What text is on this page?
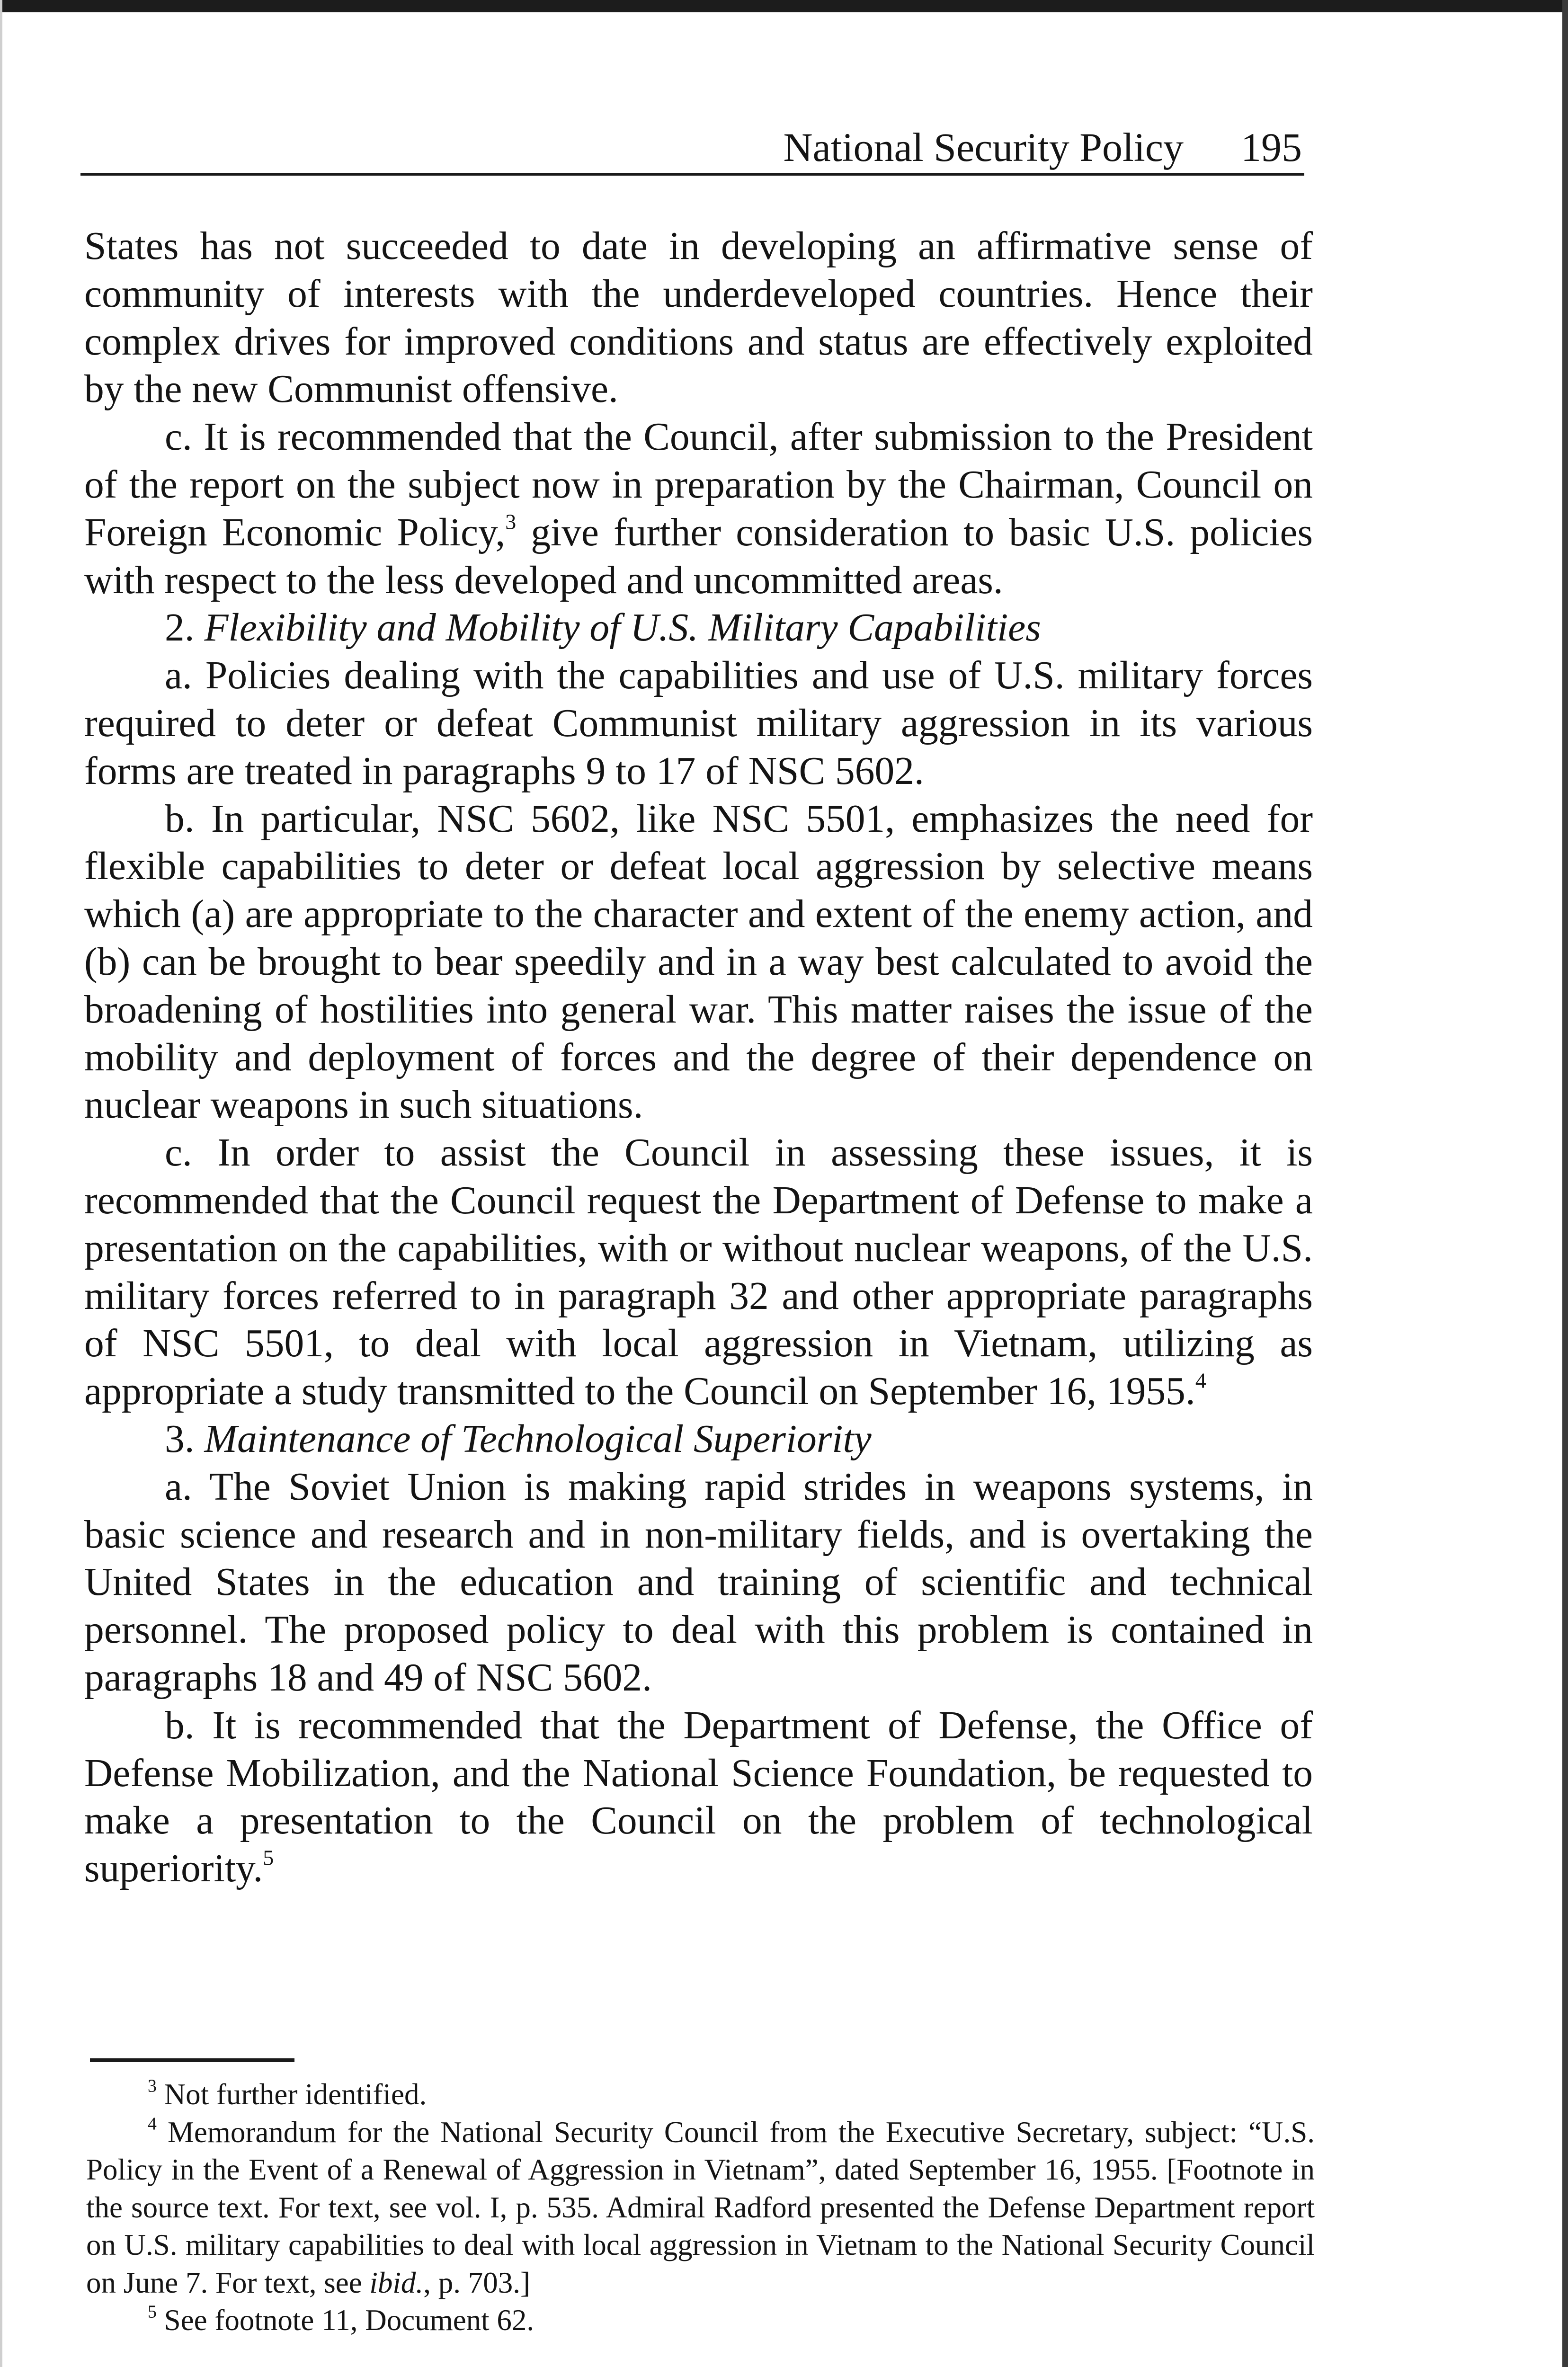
National Security Policy 195

States has not succeeded to date in developing an affirmative sense of community of interests with the underdeveloped countries. Hence their complex drives for improved conditions and status are effectively exploited by the new Communist offensive.

c. It is recommended that the Council, after submission to the President of the report on the subject now in preparation by the Chairman, Council on Foreign Economic Policy,$^3$ give further consideration to basic U.S. policies with respect to the less developed and uncommitted areas.

2. Flexibility and Mobility of U.S. Military Capabilities

a. Policies dealing with the capabilities and use of U.S. military forces required to deter or defeat Communist military aggression in its various forms are treated in paragraphs 9 to 17 of NSC 5602.

b. In particular, NSC 5602, like NSC 5501, emphasizes the need for flexible capabilities to deter or defeat local aggression by selective means which (a) are appropriate to the character and extent of the enemy action, and (b) can be brought to bear speedily and in a way best calculated to avoid the broadening of hostilities into general war. This matter raises the issue of the mobility and deployment of forces and the degree of their dependence on nuclear weapons in such situations.

c. In order to assist the Council in assessing these issues, it is recommended that the Council request the Department of Defense to make a presentation on the capabilities, with or without nuclear weapons, of the U.S. military forces referred to in paragraph 32 and other appropriate paragraphs of NSC 5501, to deal with local aggression in Vietnam, utilizing as appropriate a study transmitted to the Council on September 16, 1955.$^4$

3. Maintenance of Technological Superiority

a. The Soviet Union is making rapid strides in weapons systems, in basic science and research and in non-military fields, and is overtaking the United States in the education and training of scientific and technical personnel. The proposed policy to deal with this problem is contained in paragraphs 18 and 49 of NSC 5602.

b. It is recommended that the Department of Defense, the Office of Defense Mobilization, and the National Science Foundation, be requested to make a presentation to the Council on the problem of technological superiority.$^5$

$^3$ Not further identified.

$^4$ Memorandum for the National Security Council from the Executive Secretary, subject: “U.S. Policy in the Event of a Renewal of Aggression in Vietnam”, dated September 16, 1955. [Footnote in the source text. For text, see vol. I, p. 535. Admiral Radford presented the Defense Department report on U.S. military capabilities to deal with local aggression in Vietnam to the National Security Council on June 7. For text, see ibid., p. 703.]

$^5$ See footnote 11, Document 62.
